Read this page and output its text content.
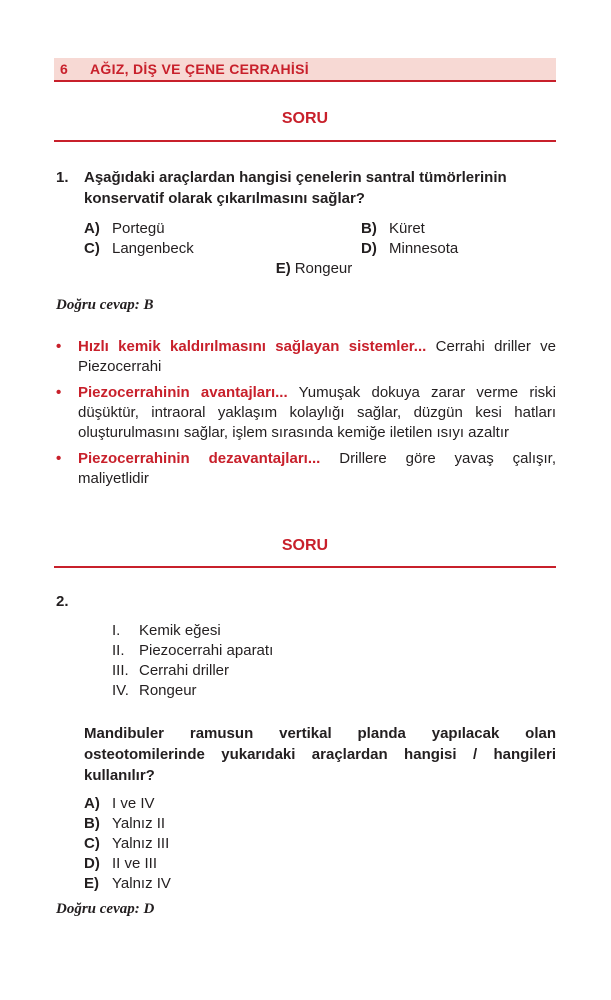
6	AĞIZ, DİŞ VE ÇENE CERRAHİSİ
SORU
1. Aşağıdaki araçlardan hangisi çenelerin santral tümörlerinin konservatif olarak çıkarılmasını sağlar?
A) Portegü	B) Küret
C) Langenbeck	D) Minnesota
E) Rongeur
Doğru cevap: B
• Hızlı kemik kaldırılmasını sağlayan sistemler... Cerrahi driller ve Piezocerrahi
• Piezocerrahinin avantajları... Yumuşak dokuya zarar verme riski düşüktür, intraoral yaklaşım kolaylığı sağlar, düzgün kesi hatları oluşturulmasını sağlar, işlem sırasında kemiğe iletilen ısıyı azaltır
• Piezocerrahinin dezavantajları... Drillere göre yavaş çalışır, maliyetlidir
SORU
2.
I.	Kemik eğesi
II. Piezocerrahi aparatı
III. Cerrahi driller
IV. Rongeur
Mandibuler ramusun vertikal planda yapılacak olan osteotomilerinde yukarıdaki araçlardan hangisi / hangileri kullanılır?
A) I ve IV
B) Yalnız II
C) Yalnız III
D) II ve III
E) Yalnız IV
Doğru cevap: D
